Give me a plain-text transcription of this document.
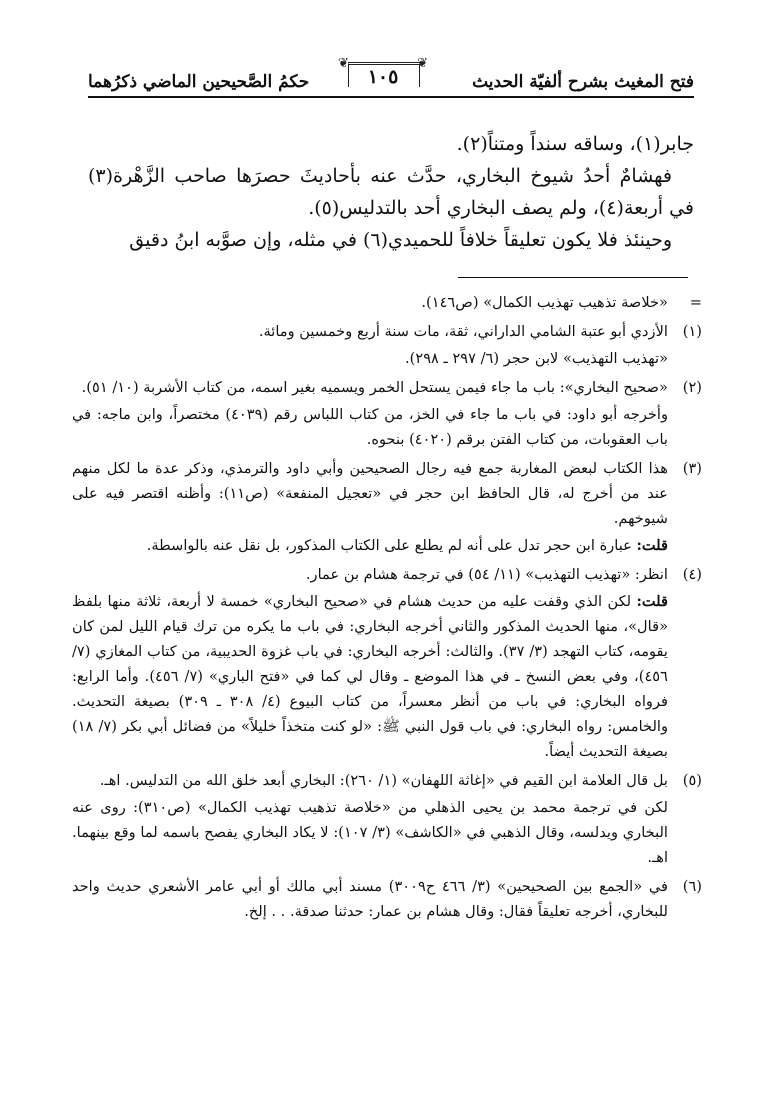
فتح المغيث بشرح ألفيّة الحديث
❦	❦
١٠٥
حكمُ الصَّحيحين الماضي ذكرُهما

جابر(١)، وساقه سنداً ومتناً(٢).

فهشامٌ أحدُ شيوخ البخاري، حدَّث عنه بأحاديثَ حصرَها صاحب الزَّهْرة(٣) في أربعة(٤)، ولم يصف البخاري أحد بالتدليس(٥).

وحينئذ فلا يكون تعليقاً خلافاً للحميدي(٦) في مثله، وإن صوَّبه ابنُ دقيق

=

«خلاصة تذهيب تهذيب الكمال» (ص١٤٦).

(١)

الأزدي أبو عتبة الشامي الداراني، ثقة، مات سنة أربع وخمسين ومائة.

«تهذيب التهذيب» لابن حجر (٦/ ٢٩٧ ـ ٢٩٨).

(٢)

«صحيح البخاري»: باب ما جاء فيمن يستحل الخمر ويسميه بغير اسمه، من كتاب الأشربة (١٠/ ٥١).

وأخرجه أبو داود: في باب ما جاء في الخز، من كتاب اللباس رقم (٤٠٣٩) مختصراً، وابن ماجه: في باب العقوبات، من كتاب الفتن برقم (٤٠٢٠) بنحوه.

(٣)

هذا الكتاب لبعض المغاربة جمع فيه رجال الصحيحين وأبي داود والترمذي، وذكر عدة ما لكل منهم عند من أخرج له، قال الحافظ ابن حجر في «تعجيل المنفعة» (ص١١): وأظنه اقتصر فيه على شيوخهم.

قلت: عبارة ابن حجر تدل على أنه لم يطلع على الكتاب المذكور، بل نقل عنه بالواسطة.

(٤)

انظر: «تهذيب التهذيب» (١١/ ٥٤) في ترجمة هشام بن عمار.

قلت: لكن الذي وقفت عليه من حديث هشام في «صحيح البخاري» خمسة لا أربعة، ثلاثة منها بلفظ «قال»، منها الحديث المذكور والثاني أخرجه البخاري: في باب ما يكره من ترك قيام الليل لمن كان يقومه، كتاب التهجد (٣/ ٣٧). والثالث: أخرجه البخاري: في باب غزوة الحديبية، من كتاب المغازي (٧/ ٤٥٦)، وفي بعض النسخ ـ في هذا الموضع ـ وقال لي كما في «فتح الباري» (٧/ ٤٥٦). وأما الرابع: فرواه البخاري: في باب من أنظر معسراً، من كتاب البيوع (٤/ ٣٠٨ ـ ٣٠٩) بصيغة التحديث. والخامس: رواه البخاري: في باب قول النبي ﷺ: «لو كنت متخذاً خليلاً» من فضائل أبي بكر (٧/ ١٨) بصيغة التحديث أيضاً.

(٥)

بل قال العلامة ابن القيم في «إغاثة اللهفان» (١/ ٢٦٠): البخاري أبعد خلق الله من التدليس. اهـ.

لكن في ترجمة محمد بن يحيى الذهلي من «خلاصة تذهيب تهذيب الكمال» (ص٣١٠): روى عنه البخاري ويدلسه، وقال الذهبي في «الكاشف» (٣/ ١٠٧): لا يكاد البخاري يفصح باسمه لما وقع بينهما. اهـ.

(٦)

في «الجمع بين الصحيحين» (٣/ ٤٦٦ ح٣٠٠٩) مسند أبي مالك أو أبي عامر الأشعري حديث واحد للبخاري، أخرجه تعليقاً فقال: وقال هشام بن عمار: حدثنا صدقة. . . إلخ.
